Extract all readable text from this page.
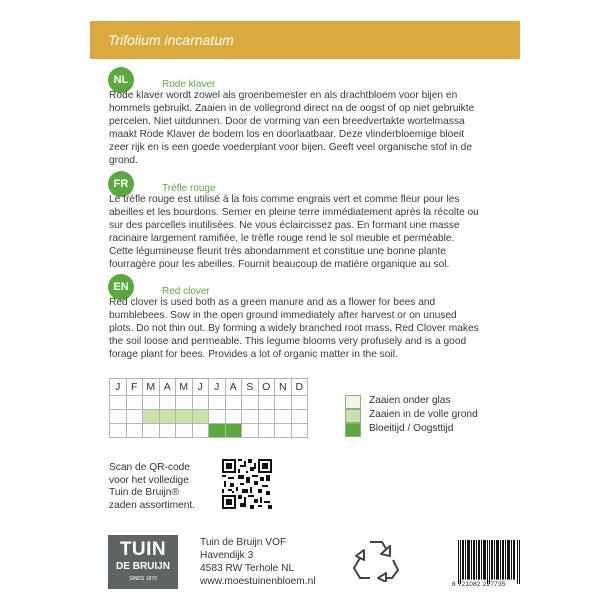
Trifolium incarnatum
NL	Rode klaver
Rode klaver wordt zowel als groenbemester en als drachtbloem voor bijen en
hommels gebruikt. Zaaien in de vollegrond direct na de oogst of op niet gebruikte
percelen. Niet uitdunnen. Door de vorming van een breedvertakte wortelmassa
maakt Rode Klaver de bodem los en doorlaatbaar. Deze vlinderbloemige bloeit
zeer rijk en is een goede voederplant voor bijen. Geeft veel organische stof in de
grond.
FR	Trèfle rouge
Le trèfle rouge est utilisé à la fois comme engrais vert et comme fleur pour les
abeilles et les bourdons. Semer en pleine terre immédiatement après la récolte ou
sur des parcelles inutilisées. Ne vous éclaircissez pas. En formant une masse
racinaire largement ramifiée, le trèfle rouge rend le sol meuble et perméable.
Cette légumineuse fleurit très abondamment et constitue une bonne plante
fourragère pour les abeilles. Fournit beaucoup de matière organique au sol.
EN	Red clover
Red clover is used both as a green manure and as a flower for bees and
bumblebees. Sow in the open ground immediately after harvest or on unused
plots. Do not thin out. By forming a widely branched root mass, Red Clover makes
the soil loose and permeable. This legume blooms very profusely and is a good
forage plant for bees. Provides a lot of organic matter in the soil.
J	F	M	A	M	J	J	A	S	O	N	D

Zaaien onder glas
Zaaien in de volle grond
Bloeitijd / Oogsttijd
Scan de QR-code
voor het volledige
Tuin de Bruijn®
zaden assortiment.
TUIN
DE BRUIJN
SINDS 1870
Tuin de Bruijn VOF
Havendijk 3
4583 RW Terhole NL
www.moestuinenbloem.nl	8 721082 227735
